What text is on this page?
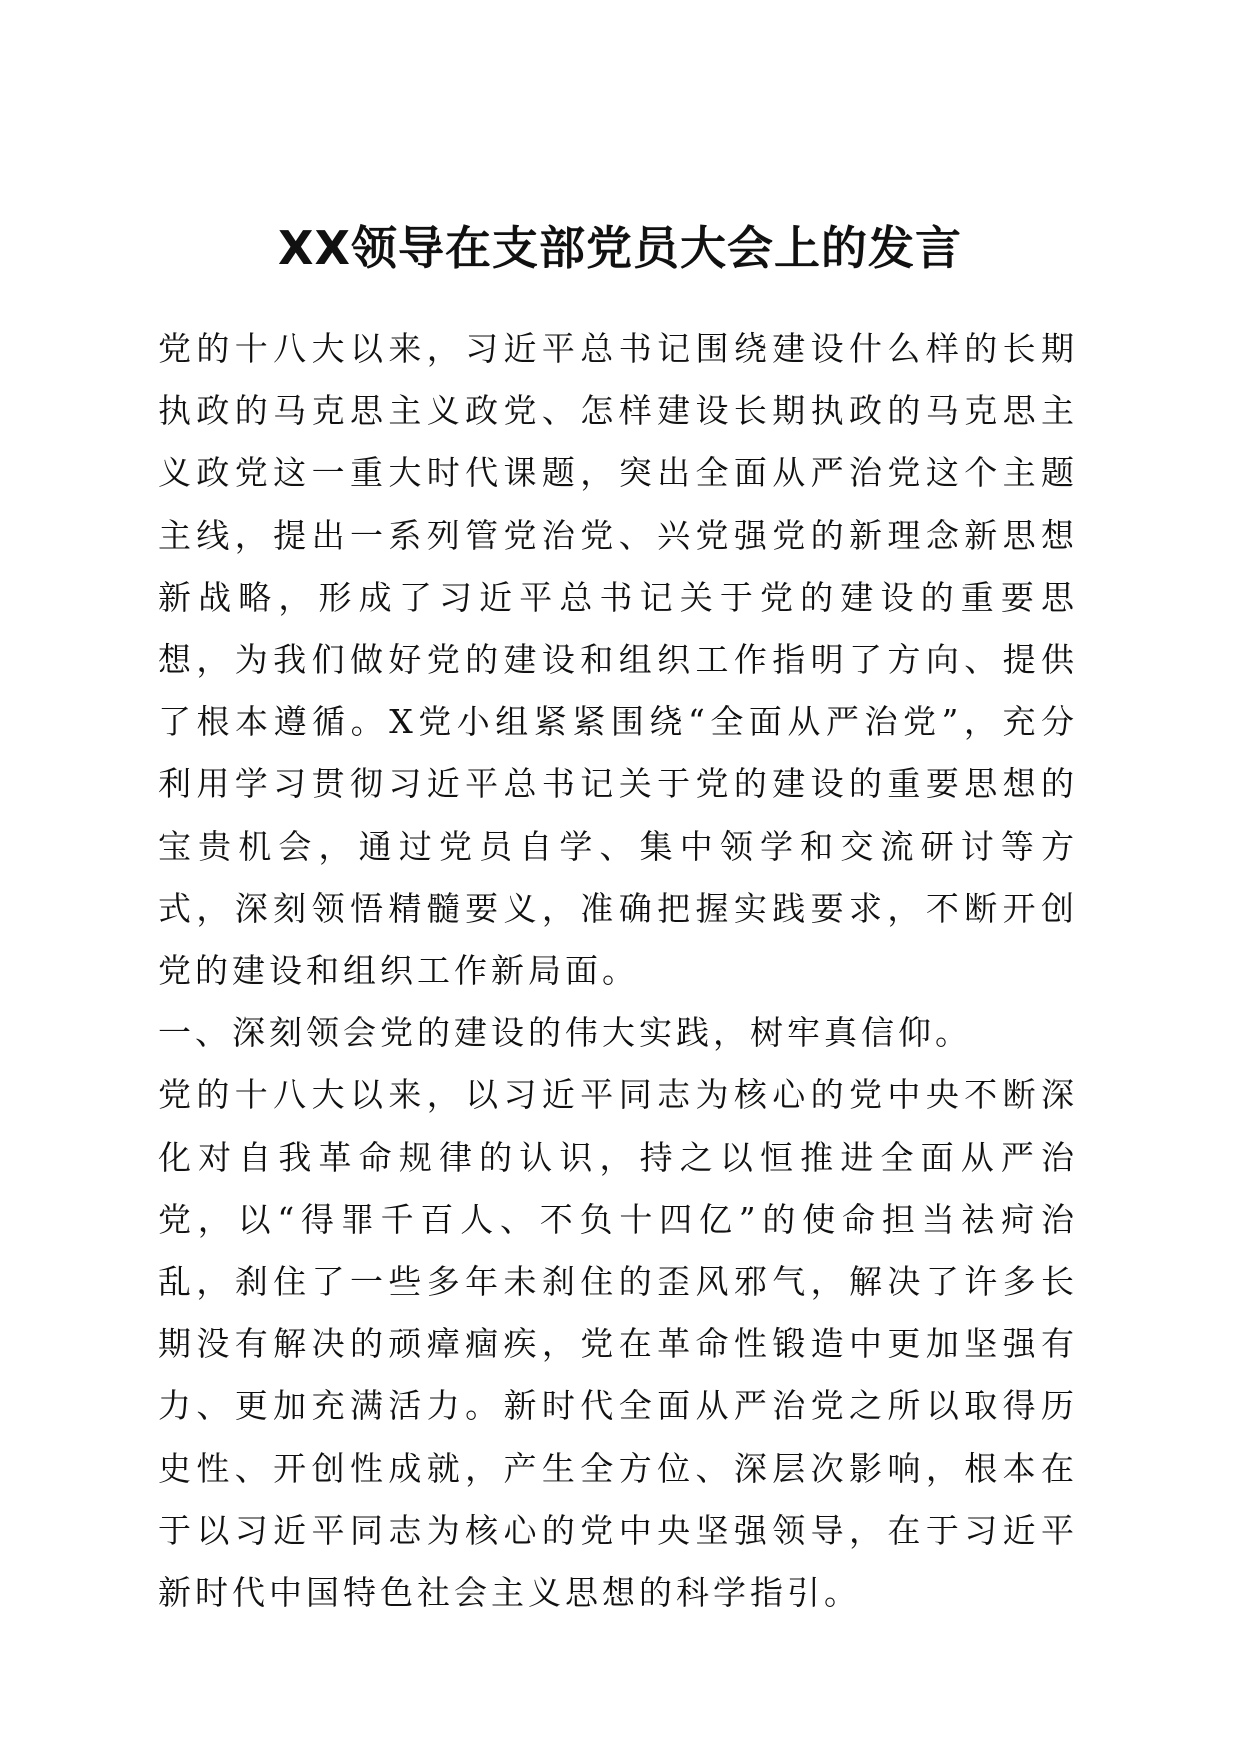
XX领导在支部党员大会上的发言

党的十八大以来，习近平总书记围绕建设什么样的长期执政的马克思主义政党、怎样建设长期执政的马克思主义政党这一重大时代课题，突出全面从严治党这个主题主线，提出一系列管党治党、兴党强党的新理念新思想新战略，形成了习近平总书记关于党的建设的重要思想，为我们做好党的建设和组织工作指明了方向、提供了根本遵循。X党小组紧紧围绕“全面从严治党”，充分利用学习贯彻习近平总书记关于党的建设的重要思想的宝贵机会，通过党员自学、集中领学和交流研讨等方式，深刻领悟精髓要义，准确把握实践要求，不断开创党的建设和组织工作新局面。

一、深刻领会党的建设的伟大实践，树牢真信仰。

党的十八大以来，以习近平同志为核心的党中央不断深化对自我革命规律的认识，持之以恒推进全面从严治党，以“得罪千百人、不负十四亿”的使命担当祛疴治乱，刹住了一些多年未刹住的歪风邪气，解决了许多长期没有解决的顽瘴痼疾，党在革命性锻造中更加坚强有力、更加充满活力。新时代全面从严治党之所以取得历史性、开创性成就，产生全方位、深层次影响，根本在于以习近平同志为核心的党中央坚强领导，在于习近平新时代中国特色社会主义思想的科学指引。
